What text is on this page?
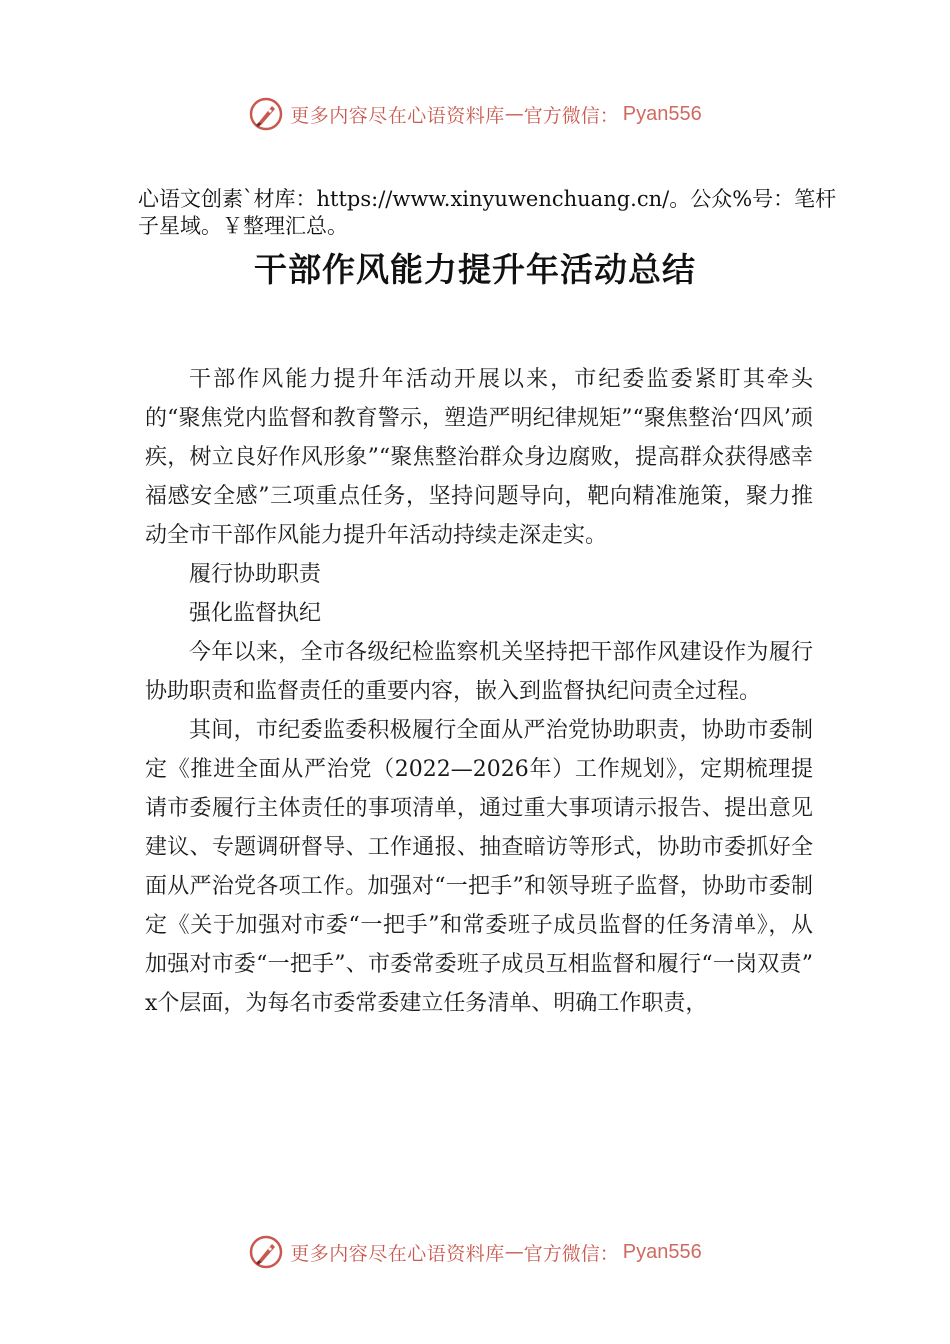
更多内容尽在心语资料库 — 官方微信： Pyan556
心语文创素`材库：https://www.xinyuwenchuang.cn/。公众%号：笔杆子星域。￥整理汇总。
干部作风能力提升年活动总结

干部作风能力提升年活动开展以来，市纪委监委紧盯其牵头的“聚焦党内监督和教育警示，塑造严明纪律规矩”“聚焦整治‘四风’顽疾，树立良好作风形象”“聚焦整治群众身边腐败，提高群众获得感幸福感安全感”三项重点任务，坚持问题导向，靶向精准施策，聚力推动全市干部作风能力提升年活动持续走深走实。

履行协助职责

强化监督执纪

今年以来，全市各级纪检监察机关坚持把干部作风建设作为履行协助职责和监督责任的重要内容，嵌入到监督执纪问责全过程。

其间，市纪委监委积极履行全面从严治党协助职责，协助市委制定《推进全面从严治党（2022—2026年）工作规划》，定期梳理提请市委履行主体责任的事项清单，通过重大事项请示报告、提出意见建议、专题调研督导、工作通报、抽查暗访等形式，协助市委抓好全面从严治党各项工作。加强对“一把手”和领导班子监督，协助市委制定《关于加强对市委“一把手”和常委班子成员监督的任务清单》，从加强对市委“一把手”、市委常委班子成员互相监督和履行“一岗双责” x个层面，为每名市委常委建立任务清单、明确工作职责，

更多内容尽在心语资料库 — 官方微信： Pyan556
